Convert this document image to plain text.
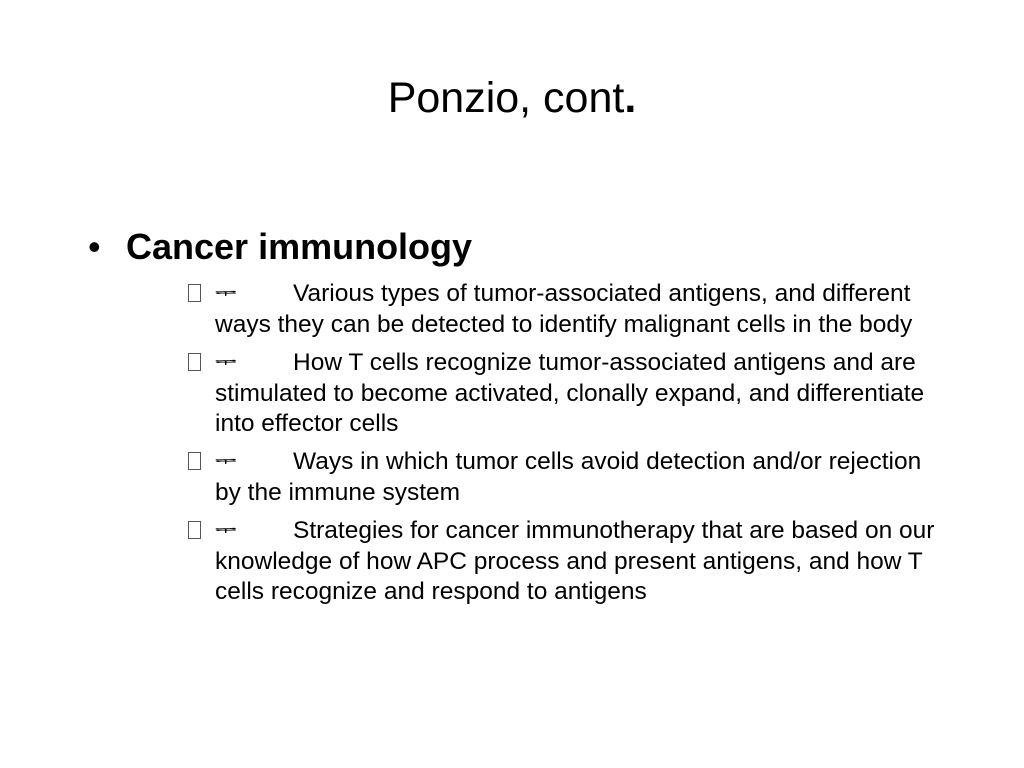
Ponzio, cont.
• Cancer immunology
ᆍ Various types of tumor-associated antigens, and different ways they can be detected to identify malignant cells in the body
ᆍ How T cells recognize tumor-associated antigens and are stimulated to become activated, clonally expand, and differentiate into effector cells
ᆍ Ways in which tumor cells avoid detection and/or rejection by the immune system
ᆍ Strategies for cancer immunotherapy that are based on our knowledge of how APC process and present antigens, and how T cells recognize and respond to antigens
